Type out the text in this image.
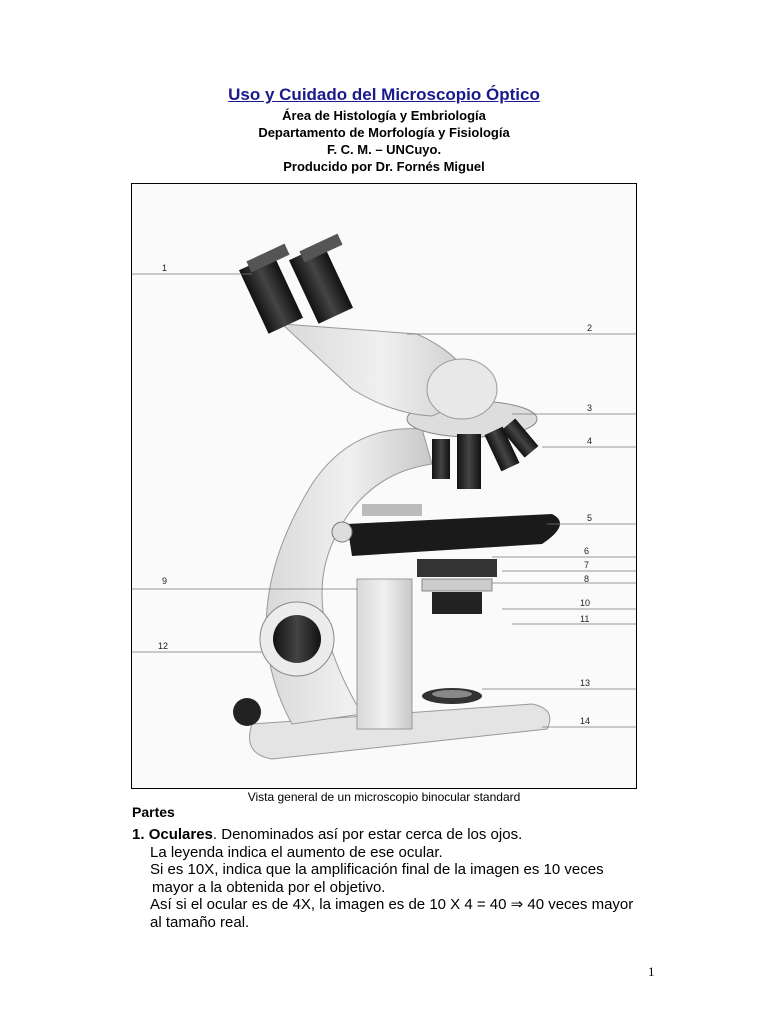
Uso y Cuidado del Microscopio Óptico
Área de Histología y Embriología
Departamento de Morfología y Fisiología
F. C. M. – UNCuyo.
Producido por Dr. Fornés Miguel
1
2
3
4
5
6
7
8
9
10
11
12
13
14
Vista general de un microscopio binocular standard
Partes
1. Oculares. Denominados así por estar cerca de los ojos.
La leyenda indica el aumento de ese ocular.
Si es 10X, indica que la amplificación final de la imagen es 10 veces
mayor a la obtenida por el objetivo.
Así si el ocular es de 4X, la imagen es de 10 X 4 = 40 ⇒ 40 veces mayor
al tamaño real.
1
